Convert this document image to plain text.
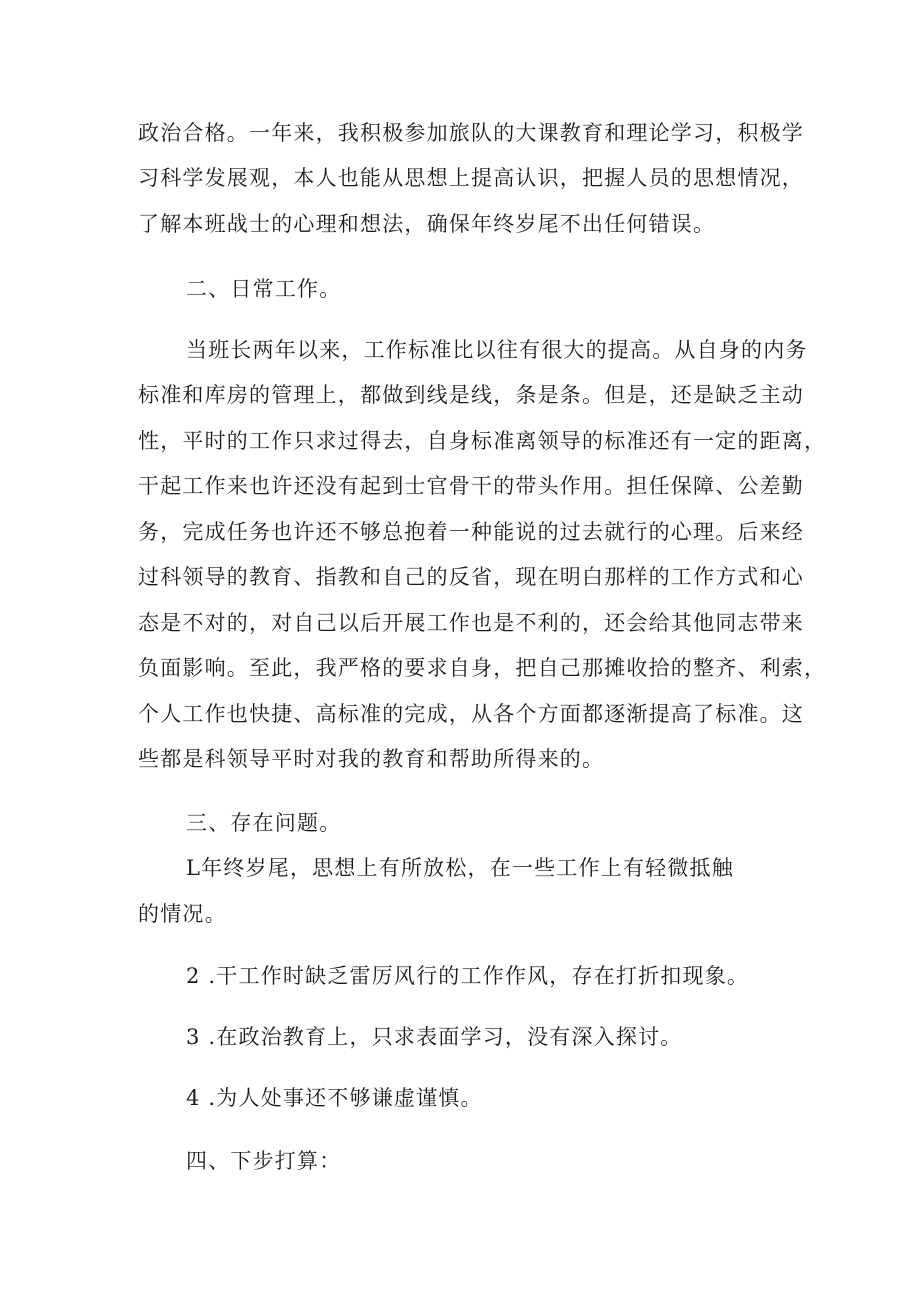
政治合格。一年来，我积极参加旅队的大课教育和理论学习，积极学
习科学发展观，本人也能从思想上提高认识，把握人员的思想情况，
了解本班战士的心理和想法，确保年终岁尾不出任何错误。
二、日常工作。
当班长两年以来，工作标准比以往有很大的提高。从自身的内务
标准和库房的管理上，都做到线是线，条是条。但是，还是缺乏主动
性，平时的工作只求过得去，自身标准离领导的标准还有一定的距离，
干起工作来也许还没有起到士官骨干的带头作用。担任保障、公差勤
务，完成任务也许还不够总抱着一种能说的过去就行的心理。后来经
过科领导的教育、指教和自己的反省，现在明白那样的工作方式和心
态是不对的，对自己以后开展工作也是不利的，还会给其他同志带来
负面影响。至此，我严格的要求自身，把自己那摊收拾的整齐、利索，
个人工作也快捷、高标准的完成，从各个方面都逐渐提高了标准。这
些都是科领导平时对我的教育和帮助所得来的。
三、存在问题。
L年终岁尾，思想上有所放松，在一些工作上有轻微抵触
的情况。
2 .干工作时缺乏雷厉风行的工作作风，存在打折扣现象。
3 .在政治教育上，只求表面学习，没有深入探讨。
4 .为人处事还不够谦虚谨慎。
四、下步打算：
